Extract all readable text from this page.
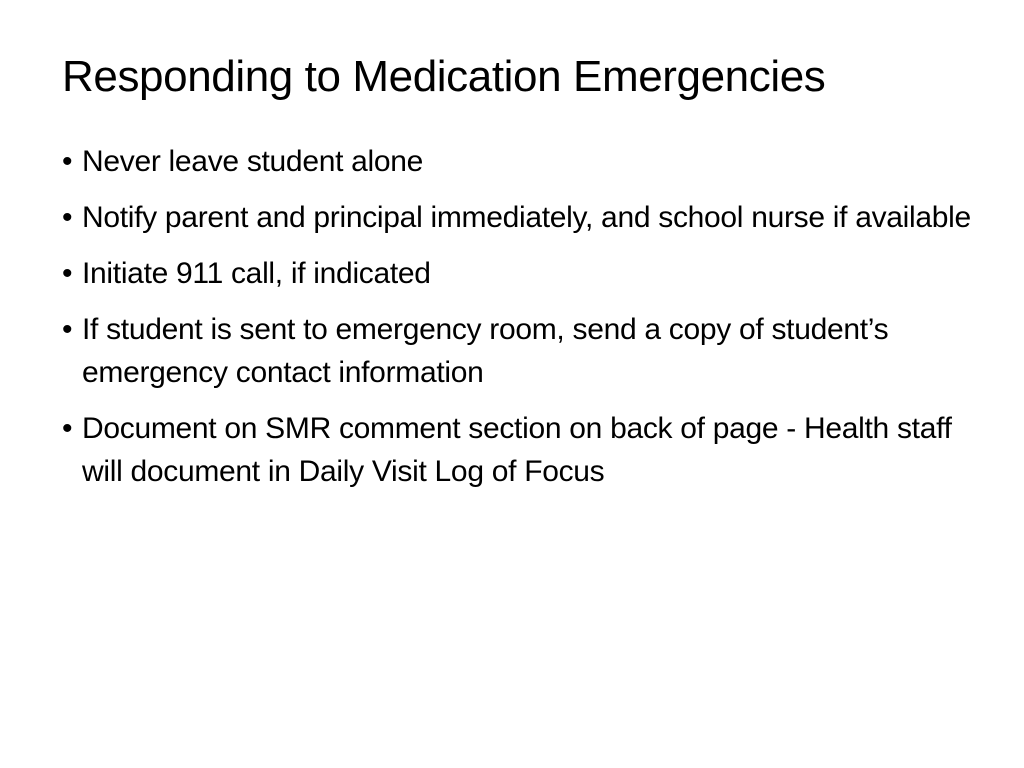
Responding to Medication Emergencies
• Never leave student alone
• Notify parent and principal immediately, and school nurse if available
• Initiate 911 call, if indicated
• If student is sent to emergency room, send a copy of student’s emergency contact information
• Document on SMR comment section on back of page - Health staff will document in Daily Visit Log of Focus
